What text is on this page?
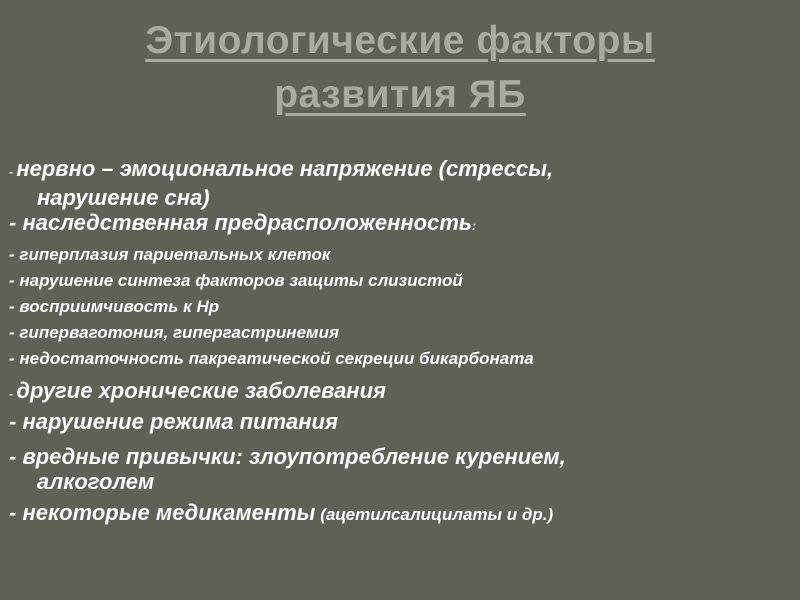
Этиологические факторы
развития ЯБ
- нервно – эмоциональное напряжение (стрессы,
нарушение сна)
- наследственная предрасположенность:
- гиперплазия париетальных клеток
- нарушение синтеза факторов защиты слизистой
- восприимчивость к Hp
- гиперваготония, гипергастринемия
- недостаточность пакреатической секреции бикарбоната
- другие хронические заболевания
- нарушение режима питания
- вредные привычки: злоупотребление курением,
алкоголем
- некоторые медикаменты (ацетилсалицилаты и др.)
